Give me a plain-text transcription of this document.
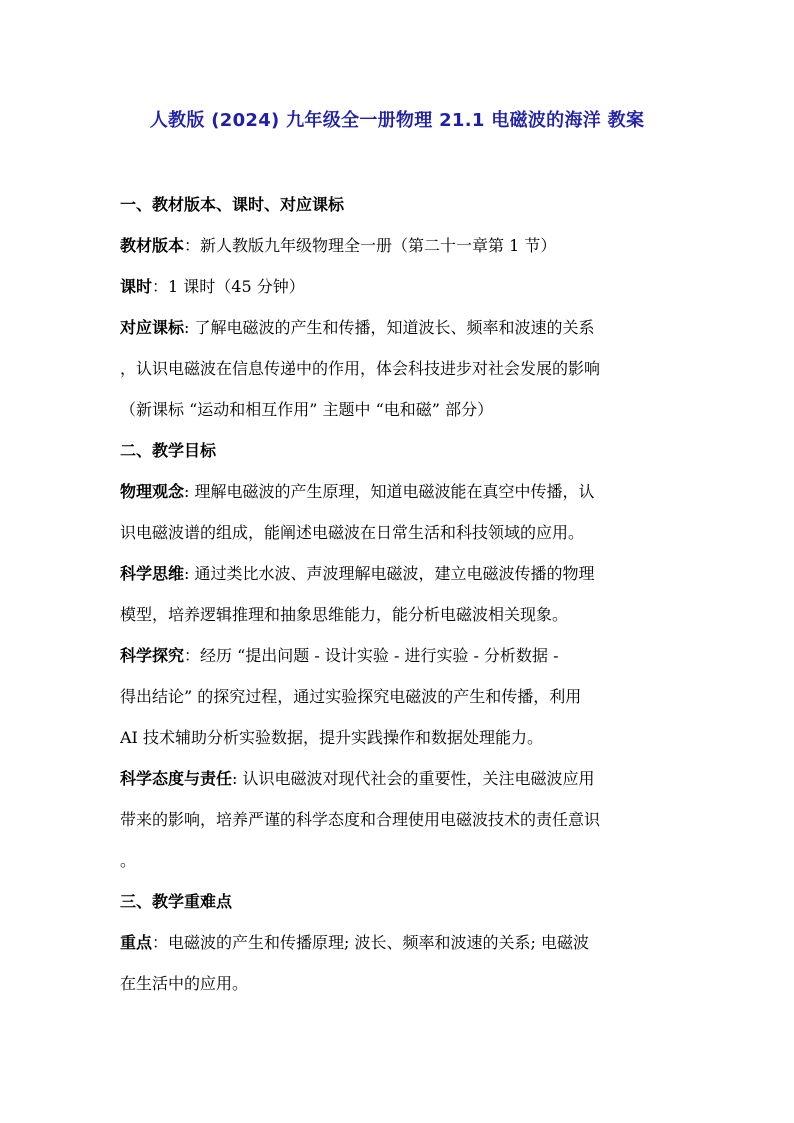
人教版 (2024) 九年级全一册物理 21.1 电磁波的海洋 教案
一、教材版本、课时、对应课标
教材版本：新人教版九年级物理全一册（第二十一章第 1 节）
课时：1 课时（45 分钟）
对应课标: 了解电磁波的产生和传播，知道波长、频率和波速的关系
，认识电磁波在信息传递中的作用，体会科技进步对社会发展的影响
（新课标 “运动和相互作用” 主题中 “电和磁” 部分）
二、教学目标
物理观念: 理解电磁波的产生原理，知道电磁波能在真空中传播，认
识电磁波谱的组成，能阐述电磁波在日常生活和科技领域的应用。
科学思维: 通过类比水波、声波理解电磁波，建立电磁波传播的物理
模型，培养逻辑推理和抽象思维能力，能分析电磁波相关现象。
科学探究：经历 “提出问题 - 设计实验 - 进行实验 - 分析数据 -
得出结论” 的探究过程，通过实验探究电磁波的产生和传播，利用
AI 技术辅助分析实验数据，提升实践操作和数据处理能力。
科学态度与责任: 认识电磁波对现代社会的重要性，关注电磁波应用
带来的影响，培养严谨的科学态度和合理使用电磁波技术的责任意识
。
三、教学重难点
重点：电磁波的产生和传播原理; 波长、频率和波速的关系; 电磁波
在生活中的应用。
